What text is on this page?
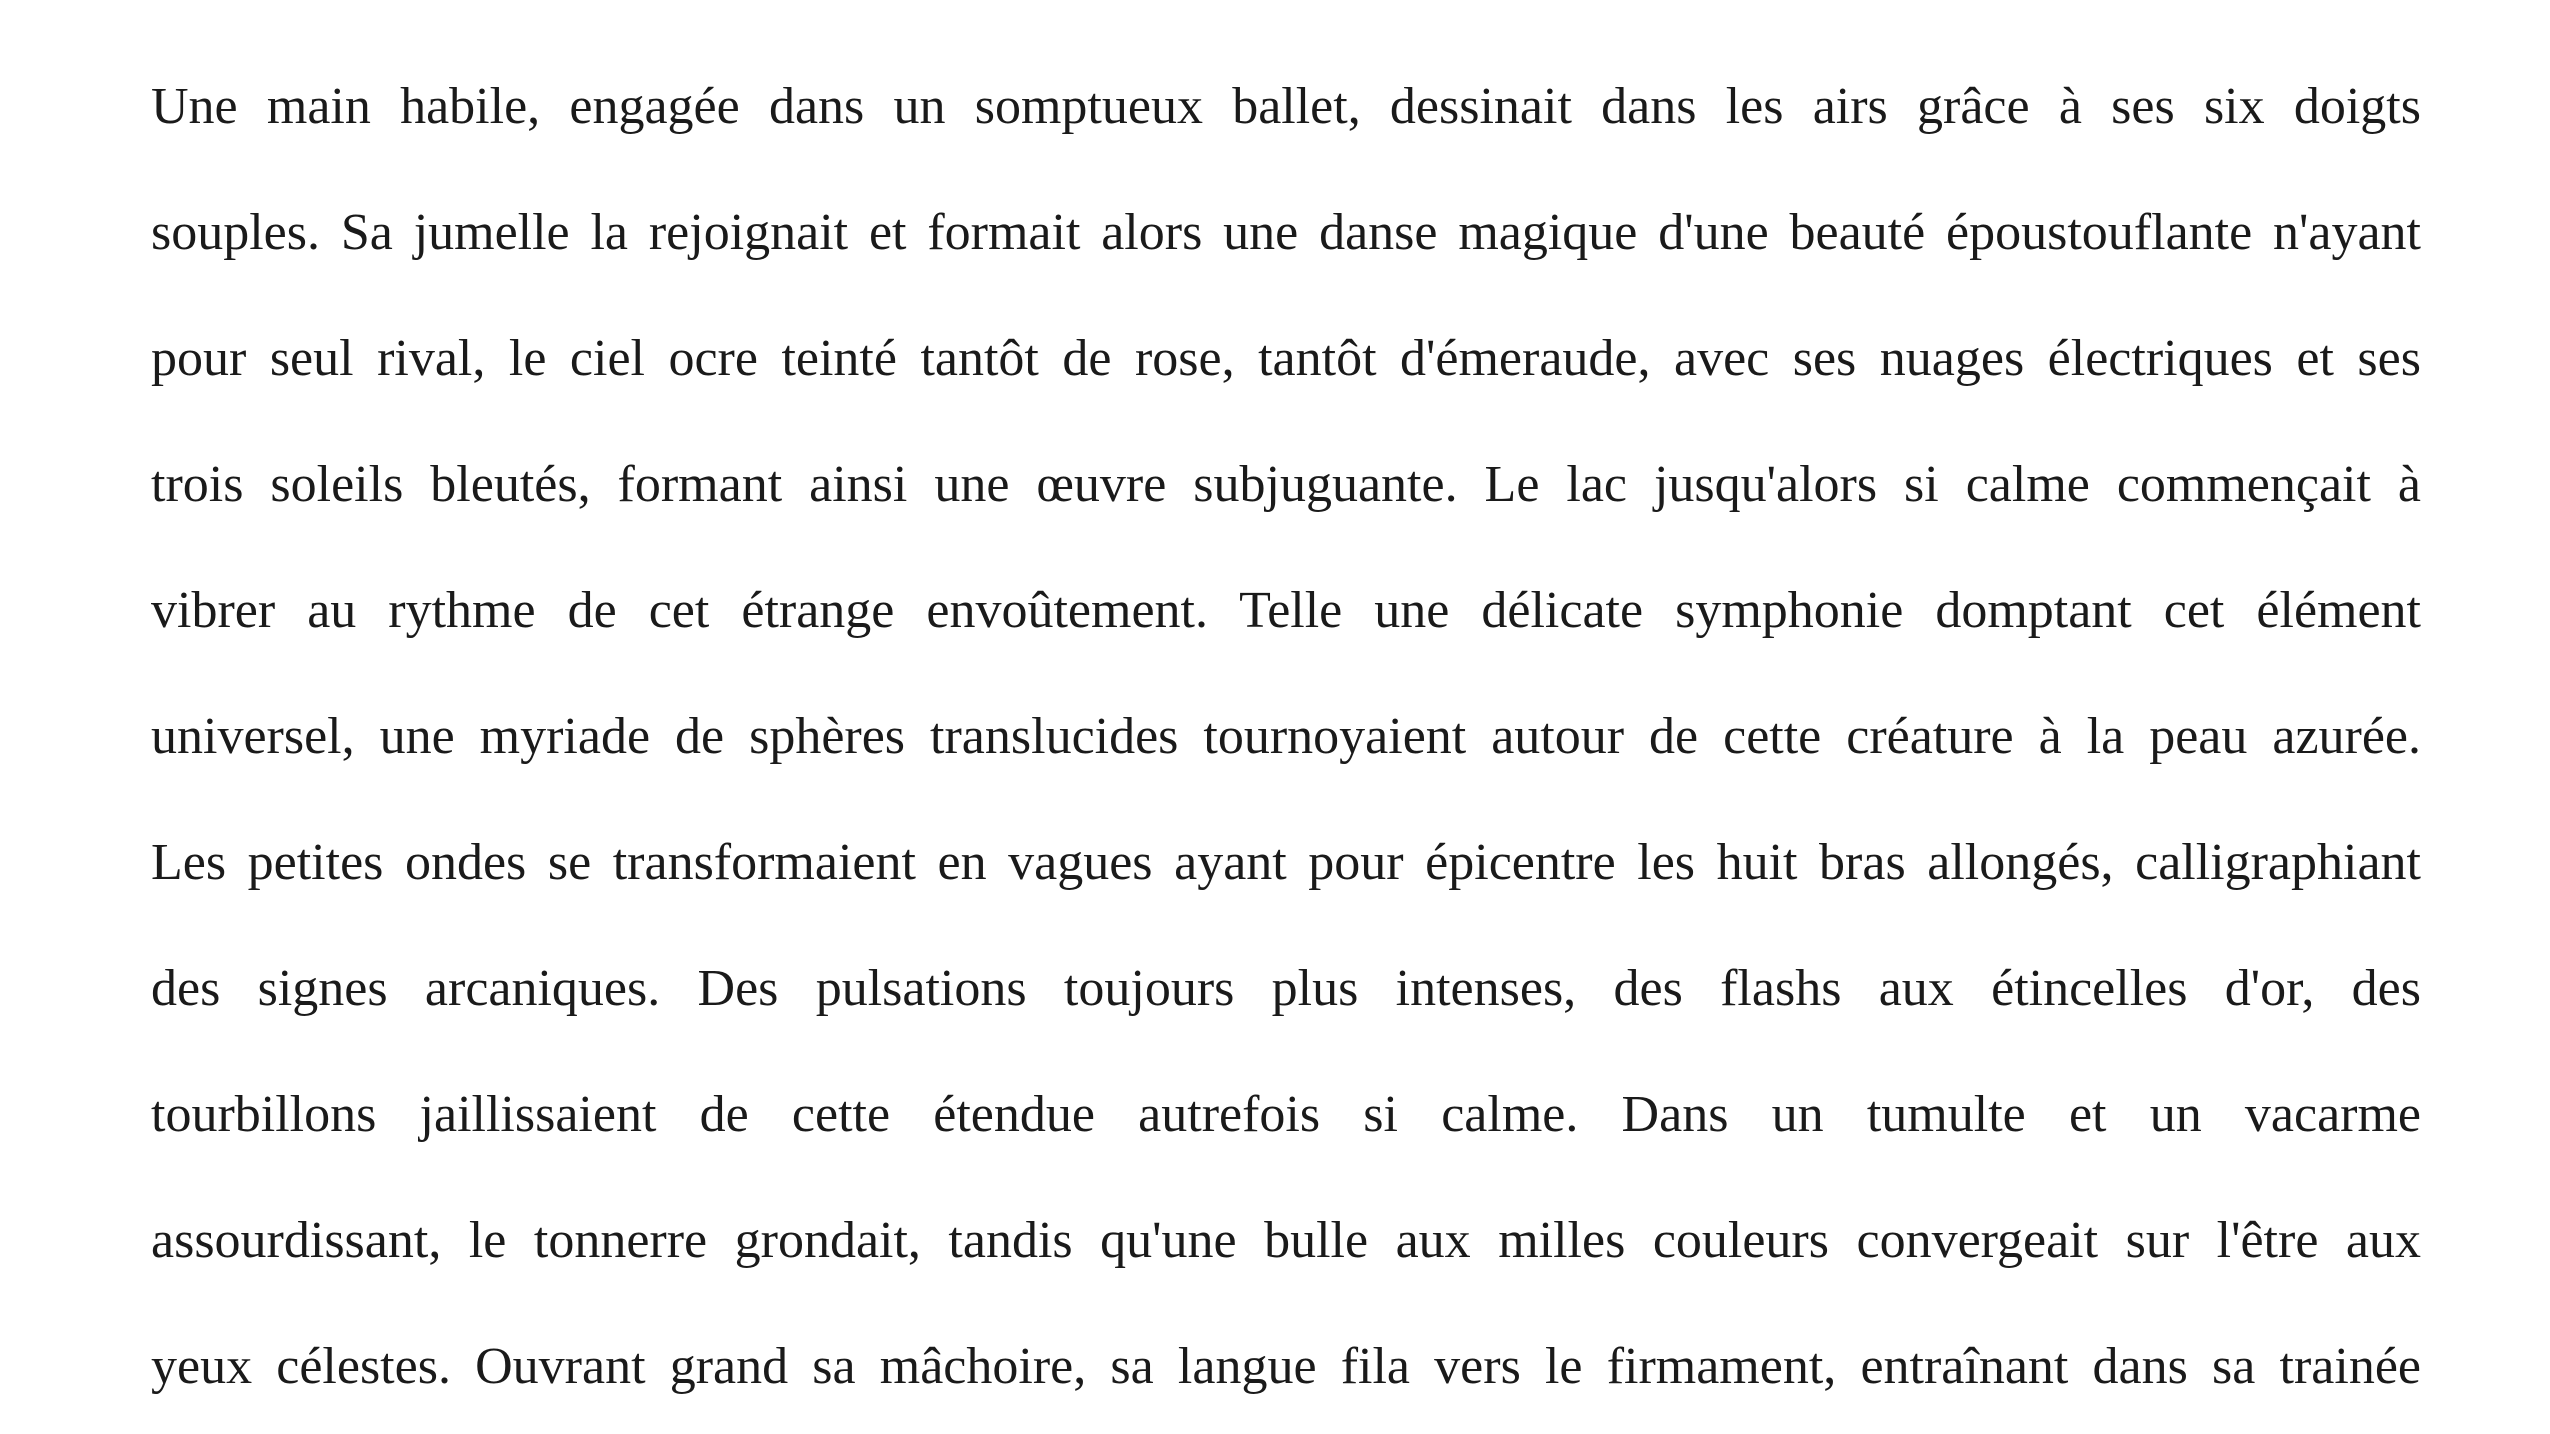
Une main habile, engagée dans un somptueux ballet, dessinait dans les airs grâce à ses six doigts
souples. Sa jumelle la rejoignait et formait alors une danse magique d'une beauté époustouflante n'ayant
pour seul rival, le ciel ocre teinté tantôt de rose, tantôt d'émeraude, avec ses nuages électriques et ses
trois soleils bleutés, formant ainsi une œuvre subjuguante. Le lac jusqu'alors si calme commençait à
vibrer au rythme de cet étrange envoûtement. Telle une délicate symphonie domptant cet élément
universel, une myriade de sphères translucides tournoyaient autour de cette créature à la peau azurée.
Les petites ondes se transformaient en vagues ayant pour épicentre les huit bras allongés, calligraphiant
des signes arcaniques. Des pulsations toujours plus intenses, des flashs aux étincelles d'or, des
tourbillons jaillissaient de cette étendue autrefois si calme. Dans un tumulte et un vacarme
assourdissant, le tonnerre grondait, tandis qu'une bulle aux milles couleurs convergeait sur l'être aux
yeux célestes. Ouvrant grand sa mâchoire, sa langue fila vers le firmament, entraînant dans sa trainée
